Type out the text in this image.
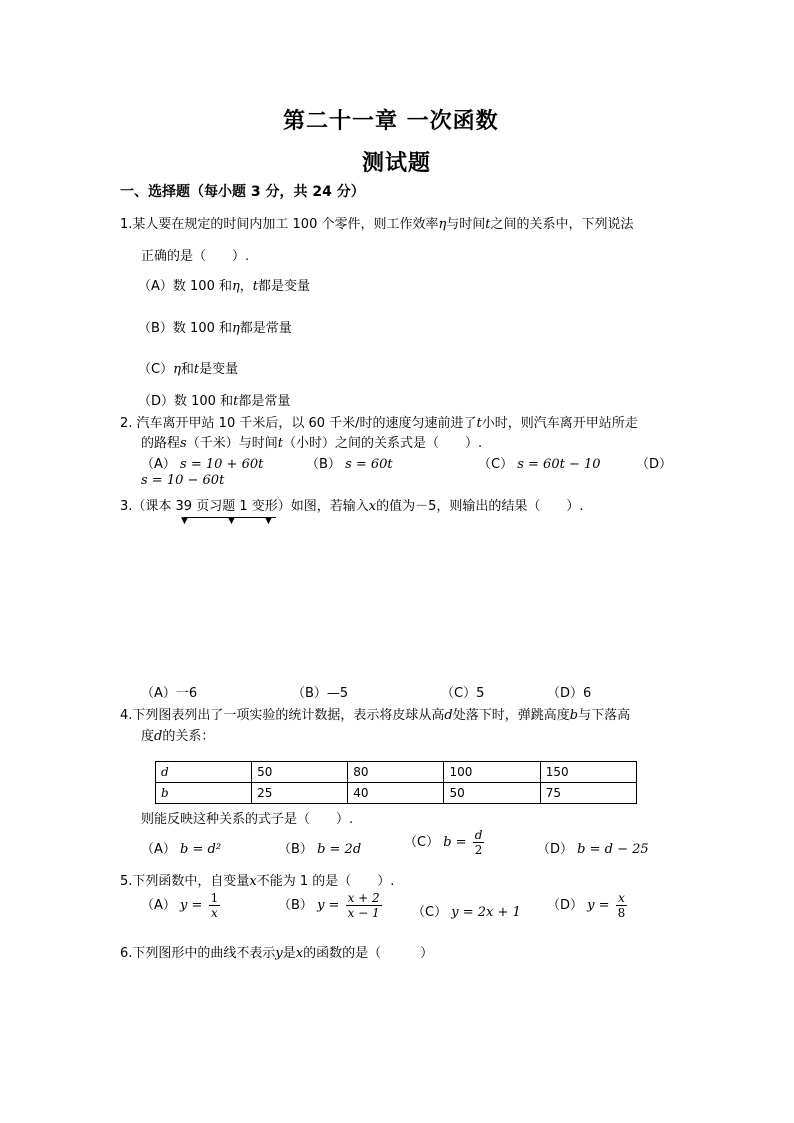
第二十一章 一次函数
测试题
一、选择题（每小题 3 分，共 24 分）
1.某人要在规定的时间内加工 100 个零件，则工作效率η与时间t之间的关系中，下列说法
正确的是（　　）.
（A）数 100 和η，t都是变量
（B）数 100 和η都是常量
（C）η和t是变量
（D）数 100 和t都是常量
2. 汽车离开甲站 10 千米后，以 60 千米/时的速度匀速前进了t小时，则汽车离开甲站所走
的路程s（千米）与时间t（小时）之间的关系式是（　　）.
（A） s = 10 + 60t	（B） s = 60t	（C） s = 60t − 10	（D）
s = 10 − 60t
3.（课本 39 页习题 1 变形）如图，若输入x的值为－5，则输出的结果（　　）.
▼	▼	▼
（A）一6	（B）—5	（C）5	（D）6
4.下列图表列出了一项实验的统计数据，表示将皮球从高d处落下时，弹跳高度b与下落高
度d的关系：
d	50	80	100	150
b	25	40	50	75
则能反映这种关系的式子是（　　）.
（A） b = d²	（B） b = 2d	（C） $b = \frac{d}{2}$	（D） b = d − 25
5.下列函数中，自变量x不能为 1 的是（　　）.
（A） $y = \frac{1}{x}$	（B） $y = \frac{x + 2}{x - 1} (C) y = 2x + 1$ （D） $y = \frac{x}{8}$
6.下列图形中的曲线不表示y是x的函数的是（　　　）
